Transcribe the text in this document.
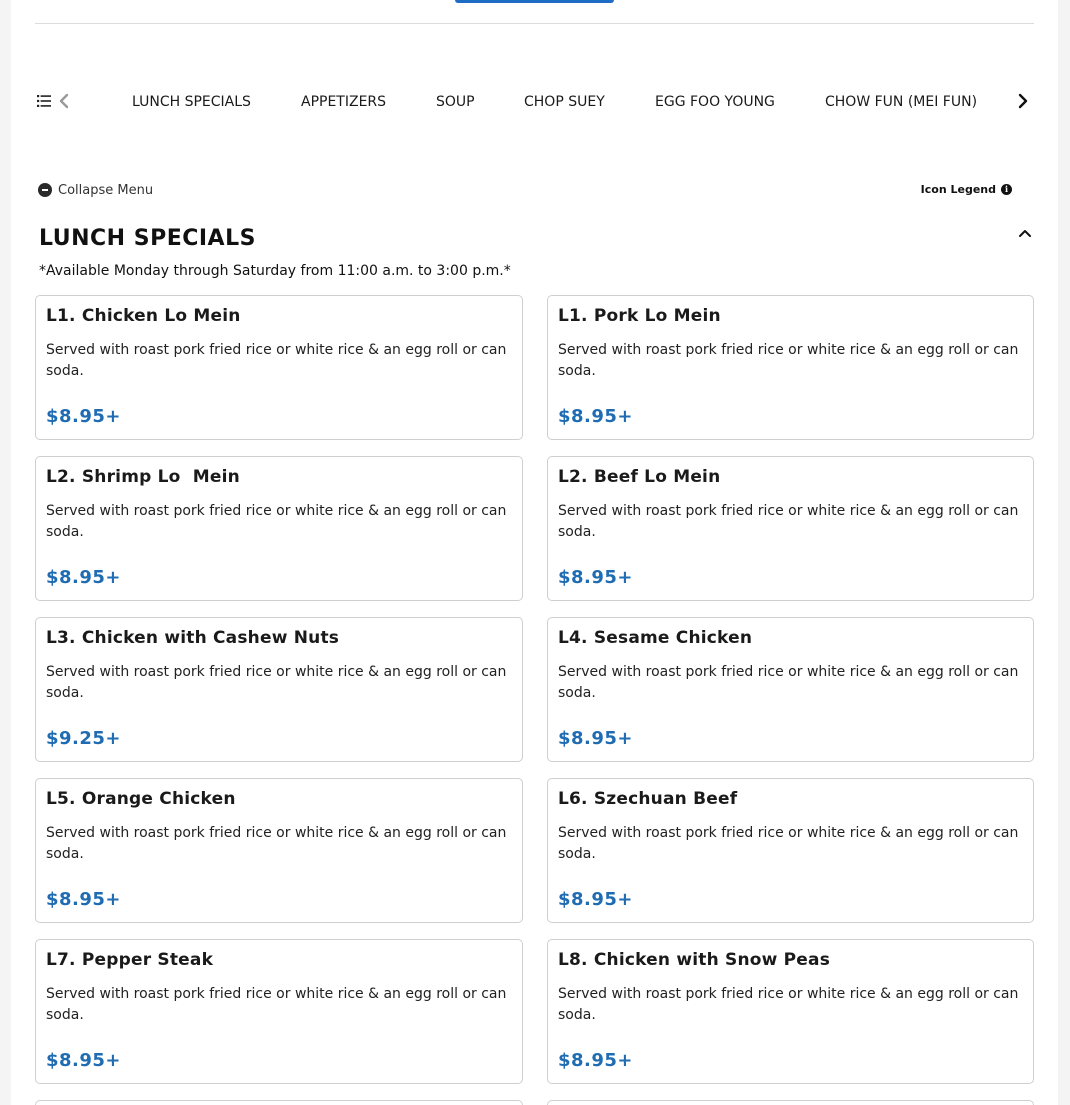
LUNCH SPECIALS	APPETIZERS	SOUP	CHOP SUEY	EGG FOO YOUNG	CHOW FUN (MEI FUN)
Collapse Menu	Icon Legend	i
LUNCH SPECIALS

*Available Monday through Saturday from 11:00 a.m. to 3:00 p.m.*

L1. Chicken Lo Mein
Served with roast pork fried rice or white rice & an egg roll or can soda.
$8.95+
L1. Pork Lo Mein
Served with roast pork fried rice or white rice & an egg roll or can soda.
$8.95+
L2. Shrimp Lo  Mein
Served with roast pork fried rice or white rice & an egg roll or can soda.
$8.95+
L2. Beef Lo Mein
Served with roast pork fried rice or white rice & an egg roll or can soda.
$8.95+
L3. Chicken with Cashew Nuts
Served with roast pork fried rice or white rice & an egg roll or can soda.
$9.25+
L4. Sesame Chicken
Served with roast pork fried rice or white rice & an egg roll or can soda.
$8.95+
L5. Orange Chicken
Served with roast pork fried rice or white rice & an egg roll or can soda.
$8.95+
L6. Szechuan Beef
Served with roast pork fried rice or white rice & an egg roll or can soda.
$8.95+
L7. Pepper Steak
Served with roast pork fried rice or white rice & an egg roll or can soda.
$8.95+
L8. Chicken with Snow Peas
Served with roast pork fried rice or white rice & an egg roll or can soda.
$8.95+
